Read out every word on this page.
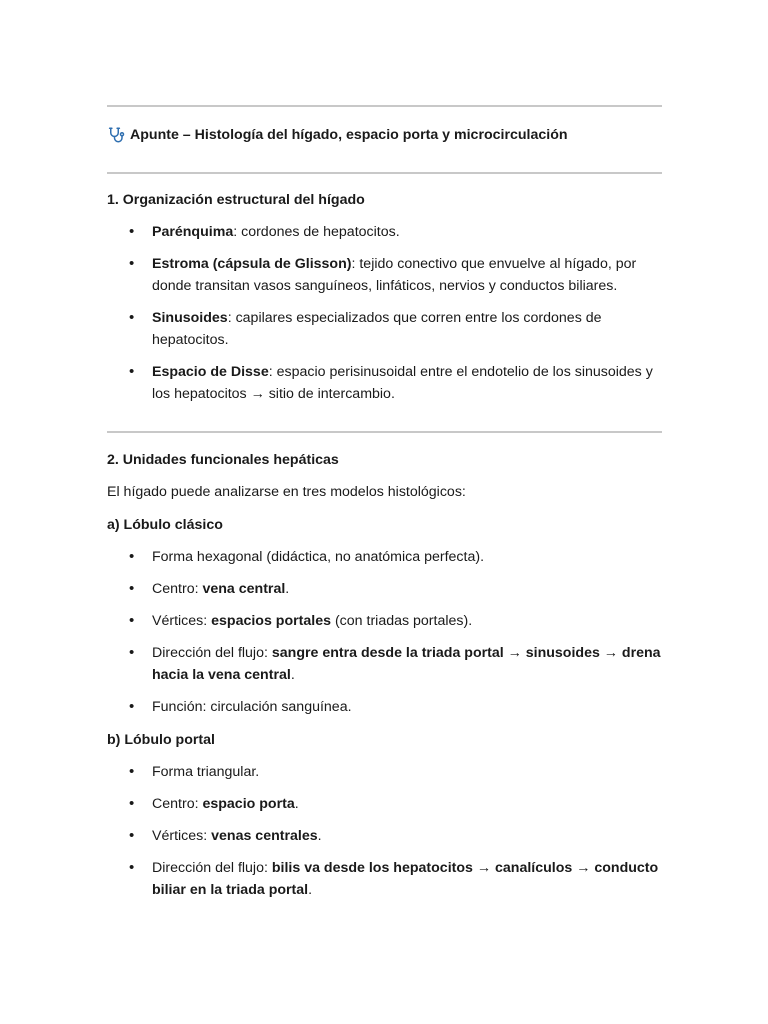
Apunte – Histología del hígado, espacio porta y microcirculación
1. Organización estructural del hígado
• Parénquima: cordones de hepatocitos.
• Estroma (cápsula de Glisson): tejido conectivo que envuelve al hígado, por donde transitan vasos sanguíneos, linfáticos, nervios y conductos biliares.
• Sinusoides: capilares especializados que corren entre los cordones de hepatocitos.
• Espacio de Disse: espacio perisinusoidal entre el endotelio de los sinusoides y los hepatocitos → sitio de intercambio.
2. Unidades funcionales hepáticas
El hígado puede analizarse en tres modelos histológicos:
a) Lóbulo clásico
• Forma hexagonal (didáctica, no anatómica perfecta).
• Centro: vena central.
• Vértices: espacios portales (con triadas portales).
• Dirección del flujo: sangre entra desde la triada portal → sinusoides → drena hacia la vena central.
• Función: circulación sanguínea.
b) Lóbulo portal
• Forma triangular.
• Centro: espacio porta.
• Vértices: venas centrales.
• Dirección del flujo: bilis va desde los hepatocitos → canalículos → conducto biliar en la triada portal.
